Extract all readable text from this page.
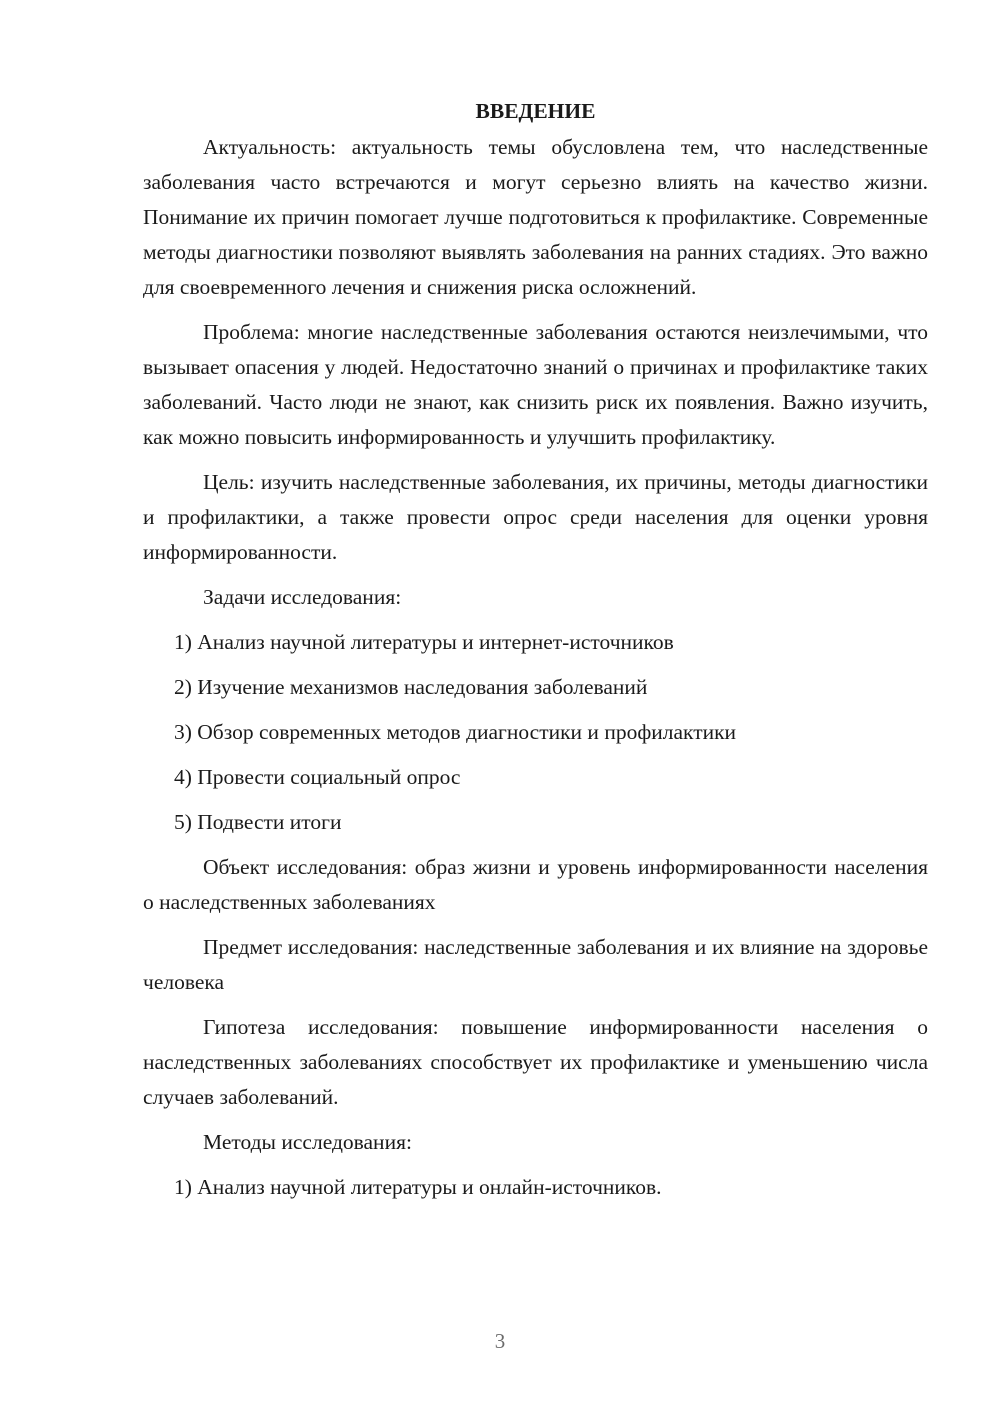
ВВЕДЕНИЕ

Актуальность: актуальность темы обусловлена тем, что наследственные заболевания часто встречаются и могут серьезно влиять на качество жизни. Понимание их причин помогает лучше подготовиться к профилактике. Современные методы диагностики позволяют выявлять заболевания на ранних стадиях. Это важно для своевременного лечения и снижения риска осложнений.

Проблема: многие наследственные заболевания остаются неизлечимыми, что вызывает опасения у людей. Недостаточно знаний о причинах и профилактике таких заболеваний. Часто люди не знают, как снизить риск их появления. Важно изучить, как можно повысить информированность и улучшить профилактику.

Цель: изучить наследственные заболевания, их причины, методы диагностики и профилактики, а также провести опрос среди населения для оценки уровня информированности.

Задачи исследования:

1) Анализ научной литературы и интернет-источников

2) Изучение механизмов наследования заболеваний

3) Обзор современных методов диагностики и профилактики

4) Провести социальный опрос

5) Подвести итоги

Объект исследования: образ жизни и уровень информированности населения о наследственных заболеваниях

Предмет исследования: наследственные заболевания и их влияние на здоровье человека

Гипотеза исследования: повышение информированности населения о наследственных заболеваниях способствует их профилактике и уменьшению числа случаев заболеваний.

Методы исследования:

1) Анализ научной литературы и онлайн-источников.

3
